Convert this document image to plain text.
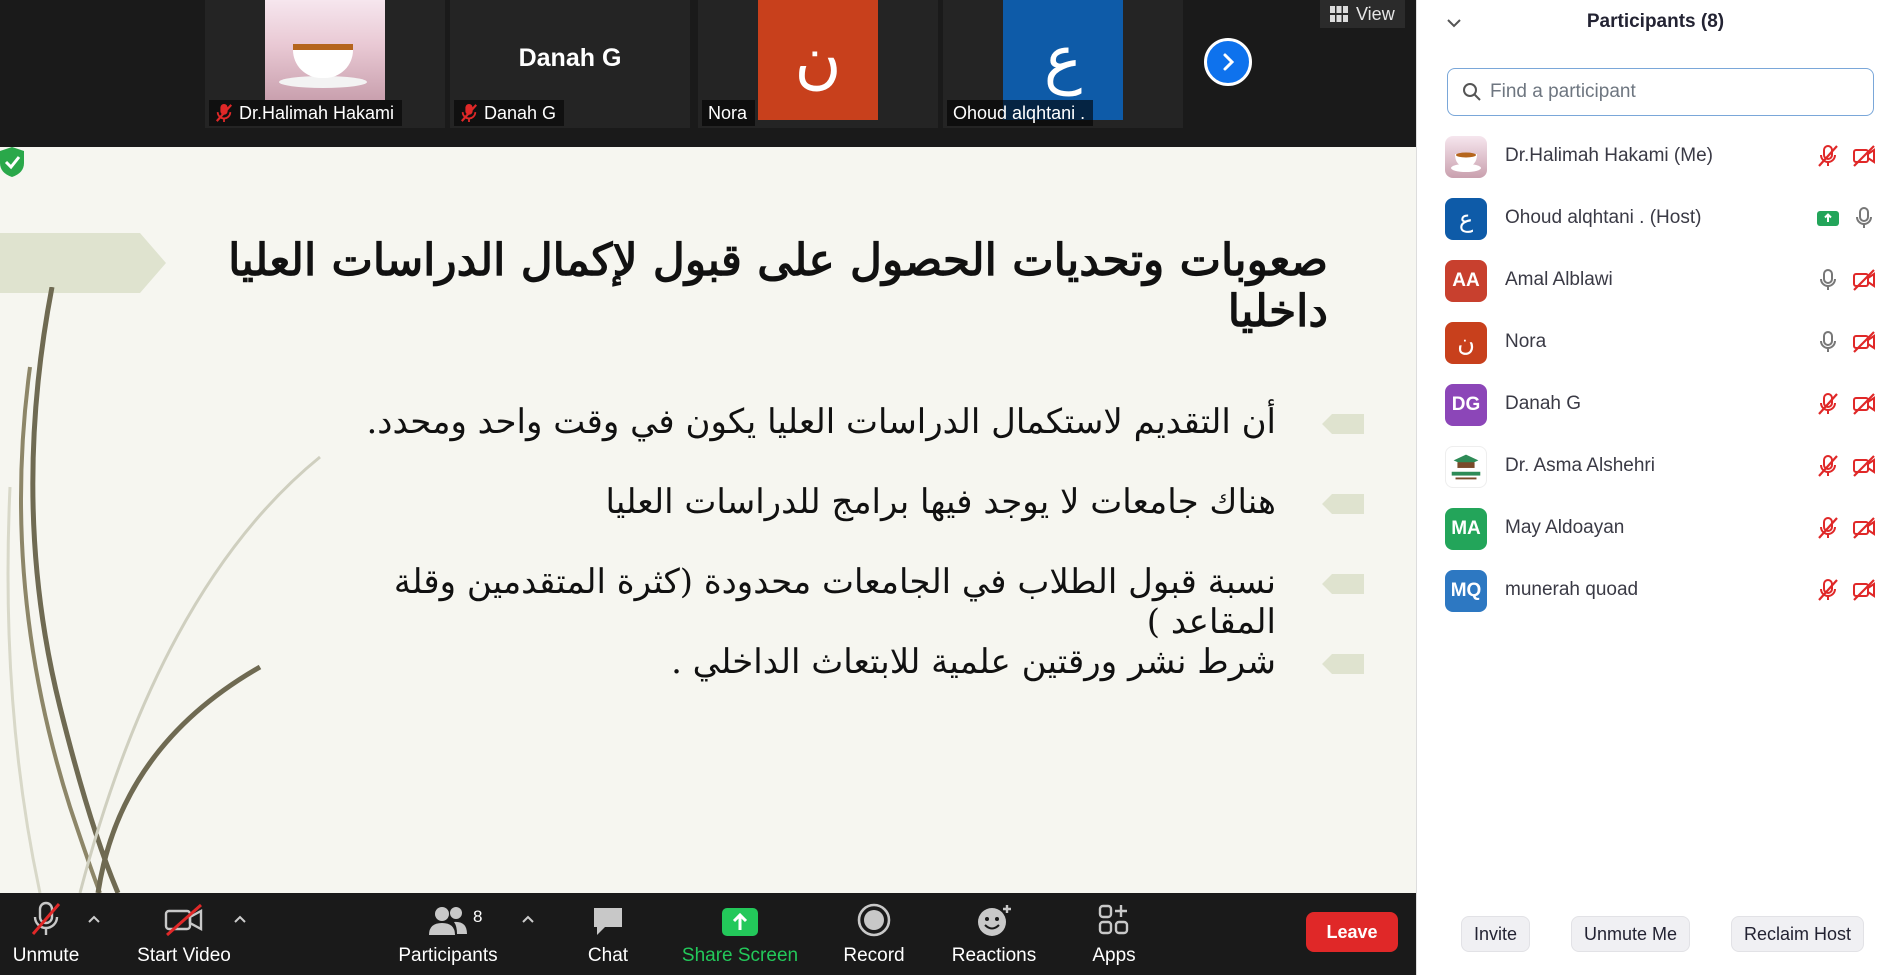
Dr.Halimah Hakami
Danah G
Danah G
ن
Nora
ع
Ohoud alqhtani .
View
صعوبات وتحديات الحصول على قبول لإكمال الدراسات العليا داخليا
أن التقديم لاستكمال الدراسات العليا يكون في وقت واحد ومحدد.
هناك جامعات لا يوجد فيها برامج للدراسات العليا
نسبة قبول الطلاب في الجامعات محدودة (كثرة المتقدمين وقلة المقاعد )
شرط نشر ورقتين علمية للابتعاث الداخلي .
Unmute	Start Video	Participants
8
Chat	Share Screen Record Reactions	Apps
Leave
Participants (8)
Find a participant
Dr.Halimah Hakami (Me)
ع	Ohoud alqhtani . (Host)
AA	Amal Alblawi
ن	Nora
DG	Danah G
Dr. Asma Alshehri
MA	May Aldoayan
MQ	munerah quoad
Invite	Unmute Me	Reclaim Host
